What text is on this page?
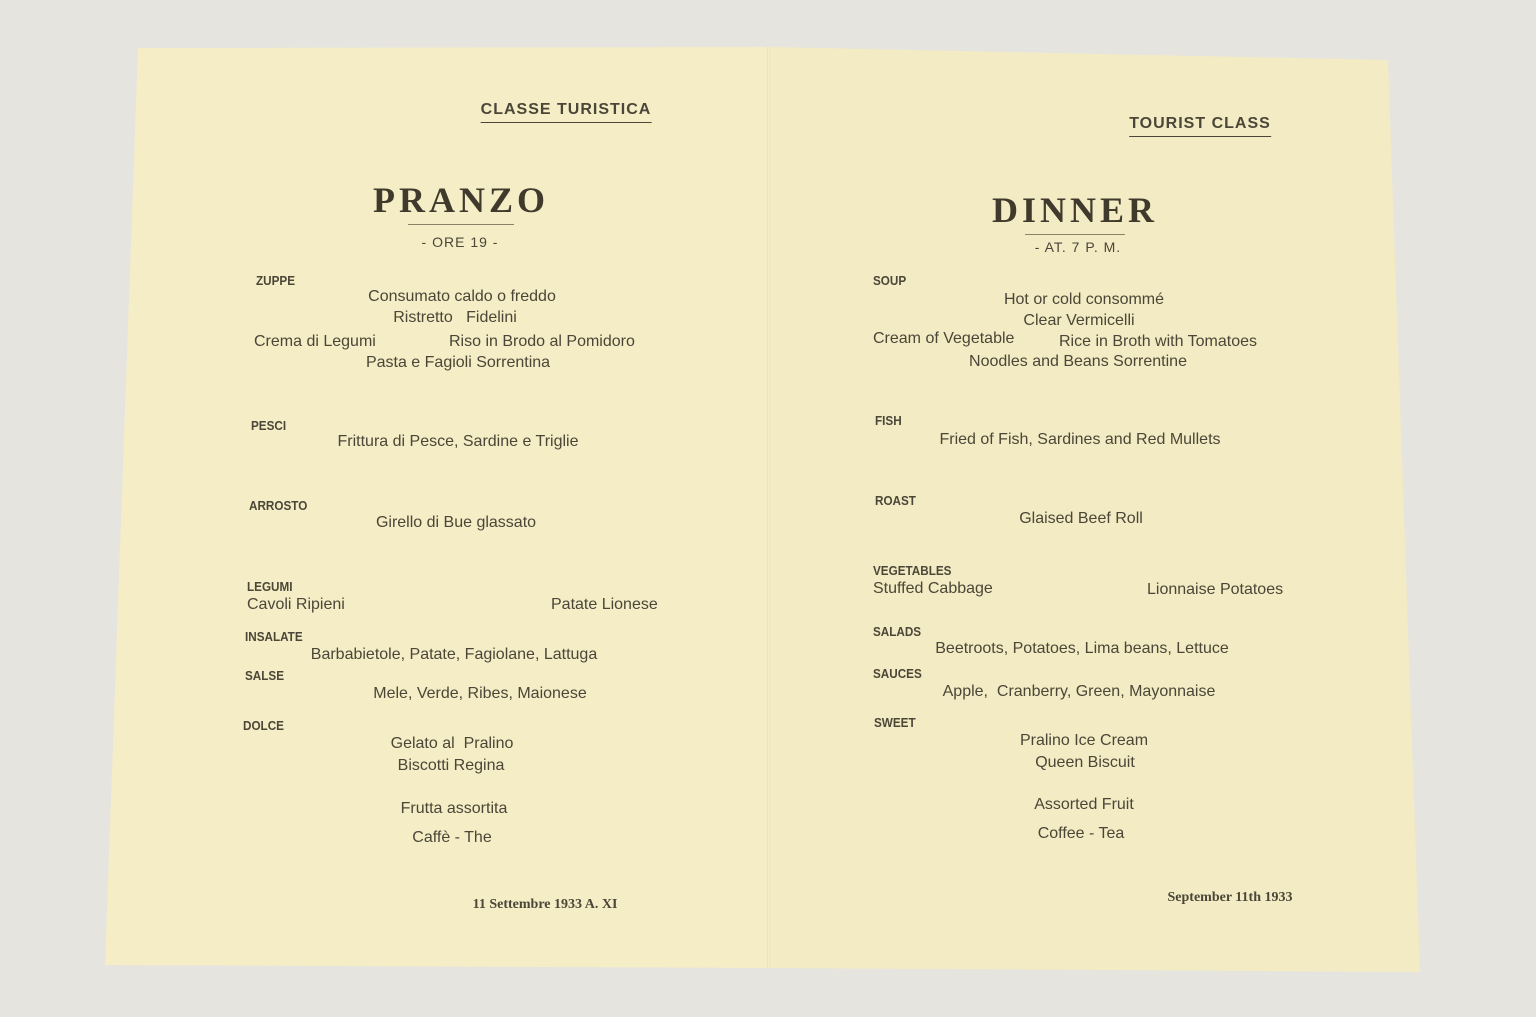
CLASSE TURISTICA
PRANZO
- ORE 19 -
ZUPPE
Consumato caldo o freddo
Ristretto   Fidelini
Crema di Legumi	Riso in Brodo al Pomidoro
Pasta e Fagioli Sorrentina
PESCI
Frittura di Pesce, Sardine e Triglie
ARROSTO
Girello di Bue glassato
LEGUMI
Cavoli Ripieni	Patate Lionese
INSALATE
Barbabietole, Patate, Fagiolane, Lattuga
SALSE
Mele, Verde, Ribes, Maionese
DOLCE
Gelato al  Pralino
Biscotti Regina
Frutta assortita
Caffè - The
11 Settembre 1933 A. XI
TOURIST CLASS
DINNER
- AT. 7 P. M.
SOUP
Hot or cold consommé
Clear Vermicelli
Cream of Vegetable	Rice in Broth with Tomatoes
Noodles and Beans Sorrentine
FISH
Fried of Fish, Sardines and Red Mullets
ROAST
Glaised Beef Roll
VEGETABLES
Stuffed Cabbage	Lionnaise Potatoes
SALADS
Beetroots, Potatoes, Lima beans, Lettuce
SAUCES
Apple,  Cranberry, Green, Mayonnaise
SWEET
Pralino Ice Cream
Queen Biscuit
Assorted Fruit
Coffee - Tea
September 11th 1933
